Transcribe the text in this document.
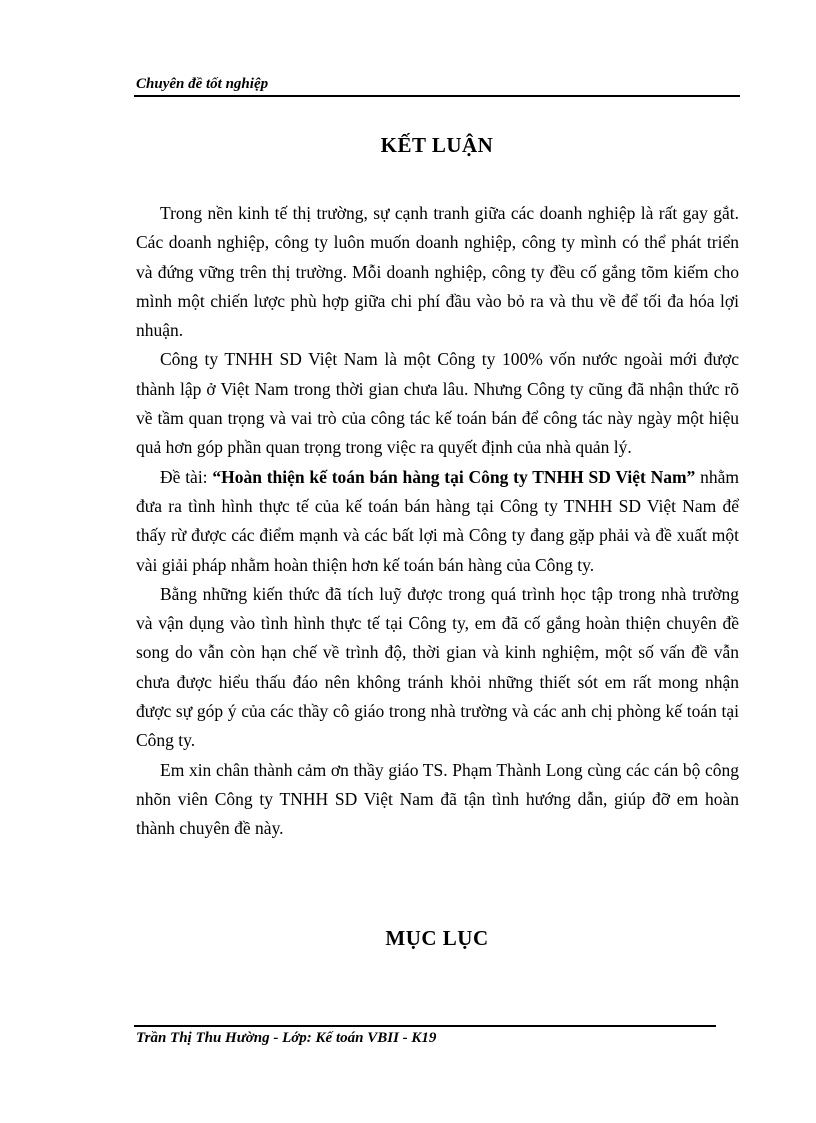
Chuyên đề tốt nghiệp
KẾT LUẬN

Trong nền kinh tế thị trường, sự cạnh tranh giữa các doanh nghiệp là rất gay gắt. Các doanh nghiệp, công ty luôn muốn doanh nghiệp, công ty mình có thể phát triển và đứng vững trên thị trường. Mỗi doanh nghiệp, công ty đều cố gắng tõm kiếm cho mình một chiến lược phù hợp giữa chi phí đầu vào bỏ ra và thu về để tối đa hóa lợi nhuận.

Công ty TNHH SD Việt Nam là một Công ty 100% vốn nước ngoài mới được thành lập ở Việt Nam trong thời gian chưa lâu. Nhưng Công ty cũng đã nhận thức rõ về tầm quan trọng và vai trò của công tác kế toán bán để công tác này ngày một hiệu quả hơn góp phần quan trọng trong việc ra quyết định của nhà quản lý.

Đề tài: “Hoàn thiện kế toán bán hàng tại Công ty TNHH SD Việt Nam” nhằm đưa ra tình hình thực tế của kế toán bán hàng tại Công ty TNHH SD Việt Nam để thấy rừ được các điểm mạnh và các bất lợi mà Công ty đang gặp phải và đề xuất một vài giải pháp nhằm hoàn thiện hơn kế toán bán hàng của Công ty.

Bằng những kiến thức đã tích luỹ được trong quá trình học tập trong nhà trường và vận dụng vào tình hình thực tế tại Công ty, em đã cố gắng hoàn thiện chuyên đề song do vẫn còn hạn chế về trình độ, thời gian và kinh nghiệm, một số vấn đề vẫn chưa được hiểu thấu đáo nên không tránh khỏi những thiết sót em rất mong nhận được sự góp ý của các thầy cô giáo trong nhà trường và các anh chị phòng kế toán tại Công ty.

Em xin chân thành cảm ơn thầy giáo TS. Phạm Thành Long cùng các cán bộ công nhõn viên Công ty TNHH SD Việt Nam đã tận tình hướng dẫn, giúp đỡ em hoàn thành chuyên đề này.

MỤC LỤC
Trần Thị Thu Hường - Lớp: Kế toán VBII - K19
